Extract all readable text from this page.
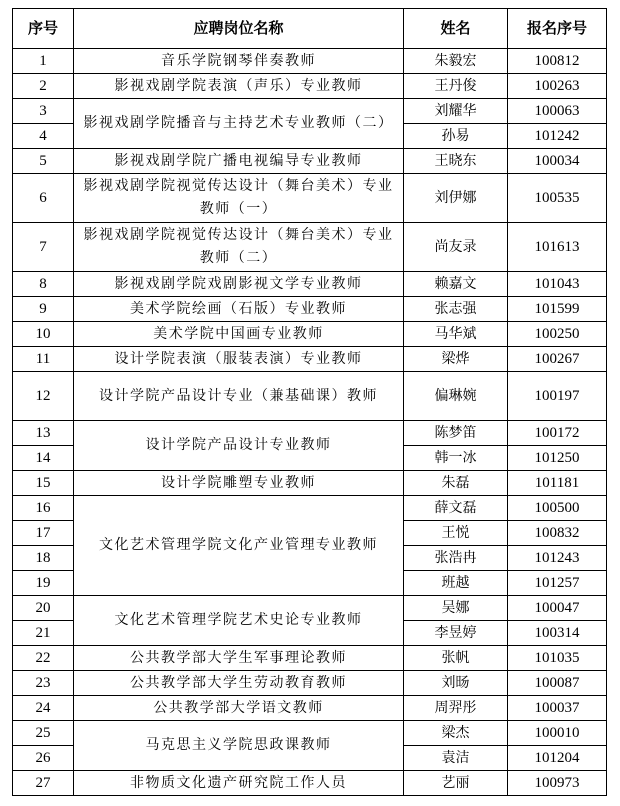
序号	应聘岗位名称	姓名	报名序号
1	音乐学院钢琴伴奏教师	朱毅宏	100812
2	影视戏剧学院表演（声乐）专业教师	王丹俊	100263
3	影视戏剧学院播音与主持艺术专业教师（二）	刘耀华	100063
4		孙易	101242
5	影视戏剧学院广播电视编导专业教师	王晓东	100034
6	影视戏剧学院视觉传达设计（舞台美术）专业教师（一）	刘伊娜	100535
7	影视戏剧学院视觉传达设计（舞台美术）专业教师（二）	尚友录	101613
8	影视戏剧学院戏剧影视文学专业教师	赖嘉文	101043
9	美术学院绘画（石版）专业教师	张志强	101599
10	美术学院中国画专业教师	马华斌	100250
11	设计学院表演（服装表演）专业教师	梁烨	100267
12	设计学院产品设计专业（兼基础课）教师	偏琳婉	100197
13	设计学院产品设计专业教师	陈梦笛	100172
14		韩一冰	101250
15	设计学院雕塑专业教师	朱磊	101181
16	文化艺术管理学院文化产业管理专业教师	薛文磊	100500
17		王悦	100832
18		张浩冉	101243
19		班越	101257
20	文化艺术管理学院艺术史论专业教师	吴娜	100047
21		李昱婷	100314
22	公共教学部大学生军事理论教师	张帆	101035
23	公共教学部大学生劳动教育教师	刘旸	100087
24	公共教学部大学语文教师	周羿彤	100037
25	马克思主义学院思政课教师	梁杰	100010
26		袁洁	101204
27	非物质文化遗产研究院工作人员	艺丽	100973
